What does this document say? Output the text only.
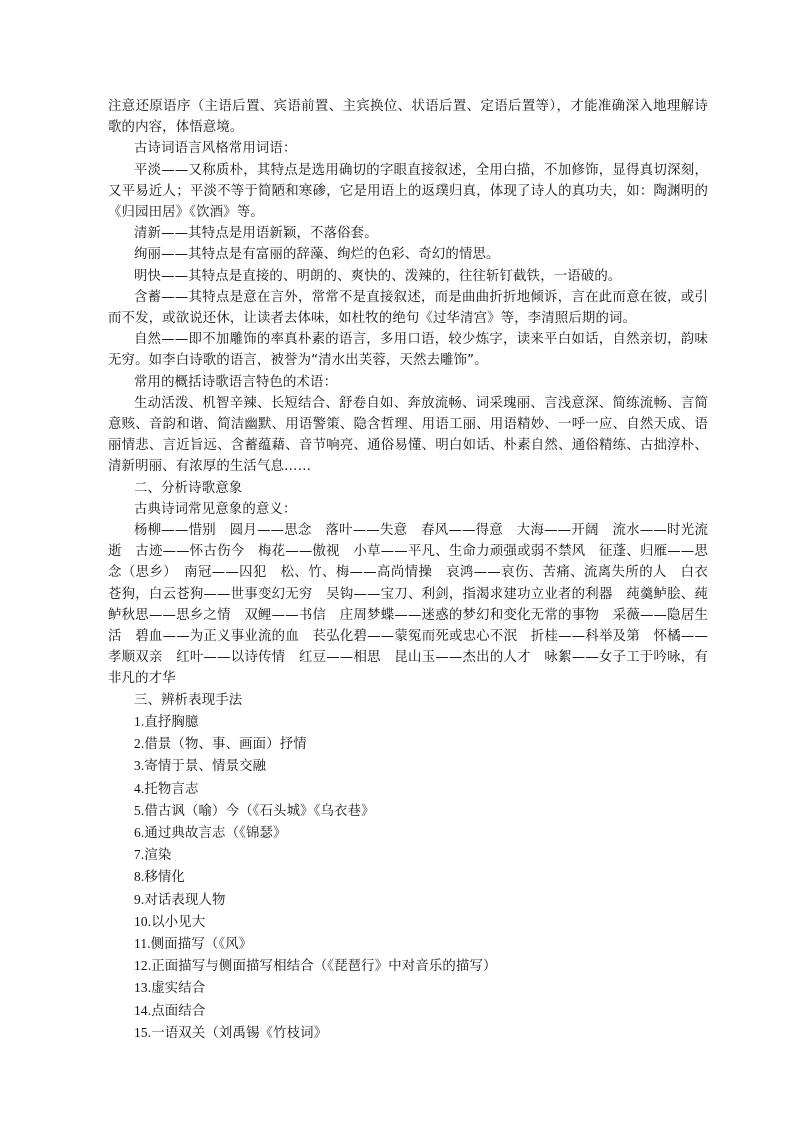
注意还原语序（主语后置、宾语前置、主宾换位、状语后置、定语后置等），才能准确深入地理解诗歌的内容，体悟意境。

古诗词语言风格常用词语：

平淡——又称质朴，其特点是选用确切的字眼直接叙述，全用白描，不加修饰，显得真切深刻，又平易近人；平淡不等于简陋和寒碜，它是用语上的返璞归真，体现了诗人的真功夫，如：陶渊明的《归园田居》《饮酒》等。

清新——其特点是用语新颖，不落俗套。

绚丽——其特点是有富丽的辞藻、绚烂的色彩、奇幻的情思。

明快——其特点是直接的、明朗的、爽快的、泼辣的，往往斩钉截铁，一语破的。

含蓄——其特点是意在言外，常常不是直接叙述，而是曲曲折折地倾诉，言在此而意在彼，或引而不发，或欲说还休，让读者去体味，如杜牧的绝句《过华清宫》等，李清照后期的词。

自然——即不加雕饰的率真朴素的语言，多用口语，较少炼字，读来平白如话，自然亲切，韵味无穷。如李白诗歌的语言，被誉为“清水出芙蓉，天然去雕饰”。

常用的概括诗歌语言特色的术语：

生动活泼、机智辛辣、长短结合、舒卷自如、奔放流畅、词采瑰丽、言浅意深、简练流畅、言简意赅、音韵和谐、简洁幽默、用语警策、隐含哲理、用语工丽、用语精妙、一呼一应、自然天成、语丽情悲、言近旨远、含蓄蕴藉、音节响亮、通俗易懂、明白如话、朴素自然、通俗精练、古拙淳朴、清新明丽、有浓厚的生活气息……

二、分析诗歌意象

古典诗词常见意象的意义：

杨柳——惜别　圆月——思念　落叶——失意　春风——得意　大海——开阔　流水——时光流逝　古迹——怀古伤今　梅花——傲视　小草——平凡、生命力顽强或弱不禁风　征蓬、归雁——思念（思乡）　南冠——囚犯　松、竹、梅——高尚情操　哀鸿——哀伤、苦痛、流离失所的人　白衣苍狗，白云苍狗——世事变幻无穷　吴钩——宝刀、利剑，指渴求建功立业者的利器　莼羹鲈脍、莼鲈秋思——思乡之情　双鲤——书信　庄周梦蝶——迷惑的梦幻和变化无常的事物　采薇——隐居生活　碧血——为正义事业流的血　苌弘化碧——蒙冤而死或忠心不泯　折桂——科举及第　怀橘——孝顺双亲　红叶——以诗传情　红豆——相思　昆山玉——杰出的人才　咏絮——女子工于吟咏，有非凡的才华

三、辨析表现手法

1.直抒胸臆
2.借景（物、事、画面）抒情
3.寄情于景、情景交融
4.托物言志
5.借古讽（喻）今（《石头城》《乌衣巷》
6.通过典故言志（《锦瑟》
7.渲染
8.移情化
9.对话表现人物
10.以小见大
11.侧面描写（《风》
12.正面描写与侧面描写相结合（《琵琶行》中对音乐的描写）
13.虚实结合
14.点面结合
15.一语双关（刘禹锡《竹枝词》
